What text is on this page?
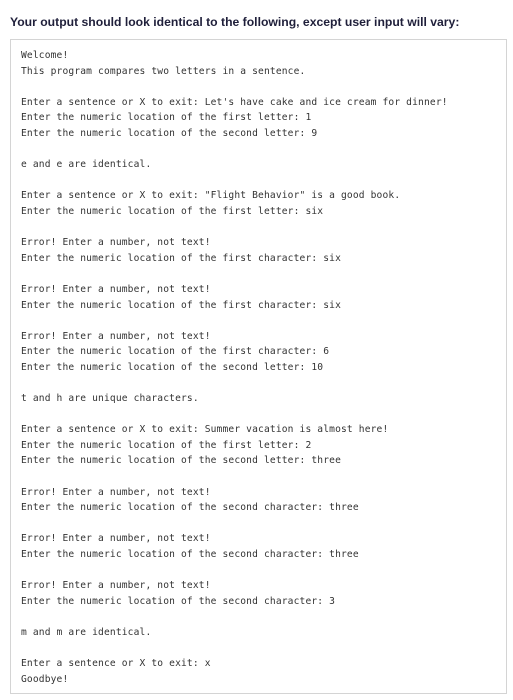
Your output should look identical to the following, except user input will vary:
Welcome!
This program compares two letters in a sentence.
Enter a sentence or X to exit: Let's have cake and ice cream for dinner!
Enter the numeric location of the first letter: 1
Enter the numeric location of the second letter: 9
e and e are identical.
Enter a sentence or X to exit: "Flight Behavior" is a good book.
Enter the numeric location of the first letter: six
Error! Enter a number, not text!
Enter the numeric location of the first character: six
Error! Enter a number, not text!
Enter the numeric location of the first character: six
Error! Enter a number, not text!
Enter the numeric location of the first character: 6
Enter the numeric location of the second letter: 10
t and h are unique characters.
Enter a sentence or X to exit: Summer vacation is almost here!
Enter the numeric location of the first letter: 2
Enter the numeric location of the second letter: three
Error! Enter a number, not text!
Enter the numeric location of the second character: three
Error! Enter a number, not text!
Enter the numeric location of the second character: three
Error! Enter a number, not text!
Enter the numeric location of the second character: 3
m and m are identical.
Enter a sentence or X to exit: x
Goodbye!
